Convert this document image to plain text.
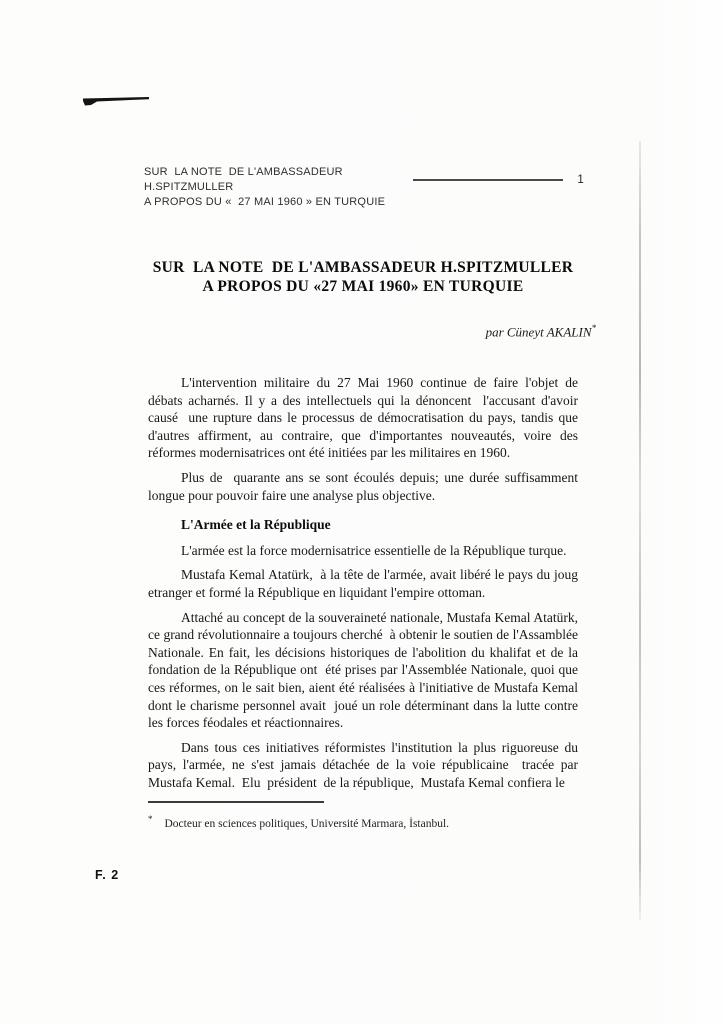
SUR  LA NOTE  DE L'AMBASSADEUR H.SPITZMULLER
1
A PROPOS DU «  27 MAI 1960 » EN TURQUIE
SUR  LA NOTE  DE L'AMBASSADEUR H.SPITZMULLER
A PROPOS DU «27 MAI 1960» EN TURQUIE
par Cüneyt AKALIN*

L'intervention militaire du 27 Mai 1960 continue de faire l'objet de débats acharnés. Il y a des intellectuels qui la dénoncent  l'accusant d'avoir causé  une rupture dans le processus de démocratisation du pays, tandis que d'autres affirment, au contraire, que d'importantes nouveautés, voire des réformes modernisatrices ont été initiées par les militaires en 1960.

Plus de  quarante ans se sont écoulés depuis; une durée suffisamment longue pour pouvoir faire une analyse plus objective.

L'Armée et la République

L'armée est la force modernisatrice essentielle de la République turque.

Mustafa Kemal Atatürk,  à la tête de l'armée, avait libéré le pays du joug etranger et formé la République en liquidant l'empire ottoman.

Attaché au concept de la souveraineté nationale, Mustafa Kemal Atatürk, ce grand révolutionnaire a toujours cherché  à obtenir le soutien de l'Assamblée Nationale. En fait, les décisions historiques de l'abolition du khalifat et de la fondation de la République ont  été prises par l'Assemblée Nationale, quoi que ces réformes, on le sait bien, aient été réalisées à l'initiative de Mustafa Kemal dont le charisme personnel avait  joué un role déterminant dans la lutte contre les forces féodales et réactionnaires.

Dans tous ces initiatives réformistes l'institution la plus riguoreuse du pays, l'armée, ne s'est jamais détachée de la voie républicaine  tracée par Mustafa Kemal.  Elu  président  de la république,  Mustafa Kemal confiera le

* Docteur en sciences politiques, Université Marmara, İstanbul.
F. 2
